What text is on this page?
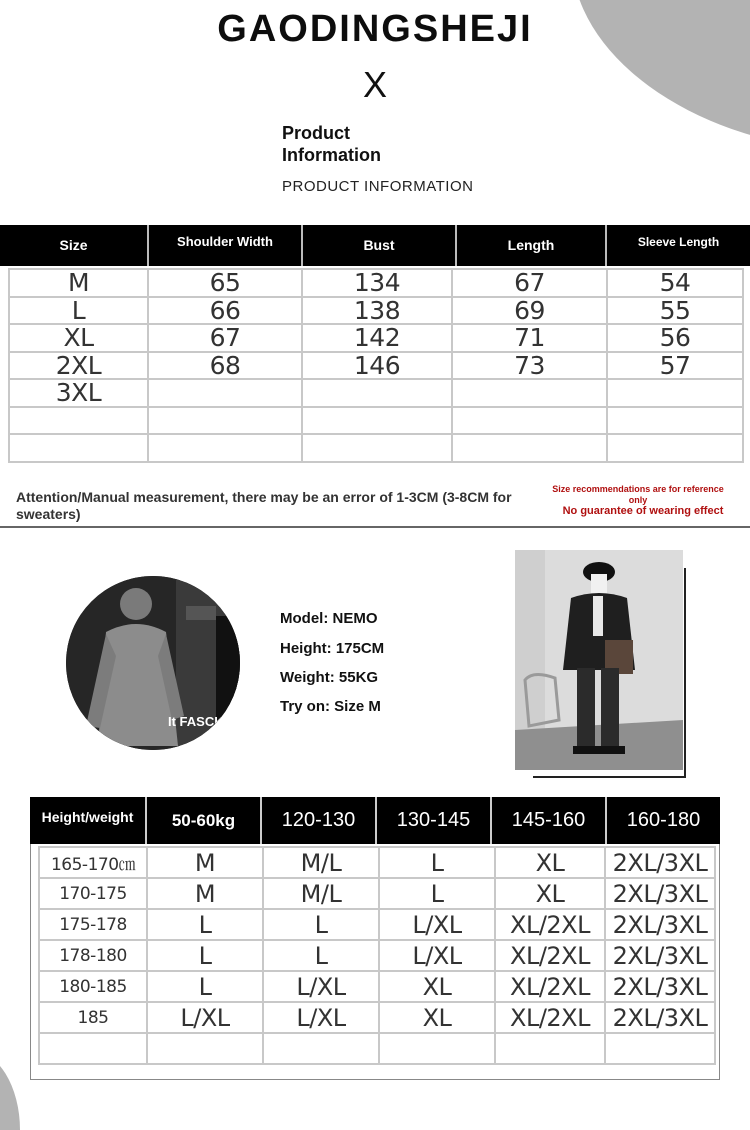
GAODINGSHEJI
X
Product
Information
PRODUCT INFORMATION
Size	Shoulder Width	Bust	Length	Sleeve Length
M	65	134	67	54
L	66	138	69	55
XL	67	142	71	56
2XL	68	146	73	57
3XL				

Attention/Manual measurement, there may be an error of 1-3CM (3-8CM for sweaters)
Size recommendations are for reference only
No guarantee of wearing effect
It FASCK
Model: NEMO
Height: 175CM
Weight: 55KG
Try on: Size M
Height/weight	50-60kg	120-130	130-145	145-160	160-180
165-170㎝	M	M/L	L	XL	2XL/3XL
170-175	M	M/L	L	XL	2XL/3XL
175-178	L	L	L/XL	XL/2XL	2XL/3XL
178-180	L	L	L/XL	XL/2XL	2XL/3XL
180-185	L	L/XL	XL	XL/2XL	2XL/3XL
185	L/XL	L/XL	XL	XL/2XL	2XL/3XL
